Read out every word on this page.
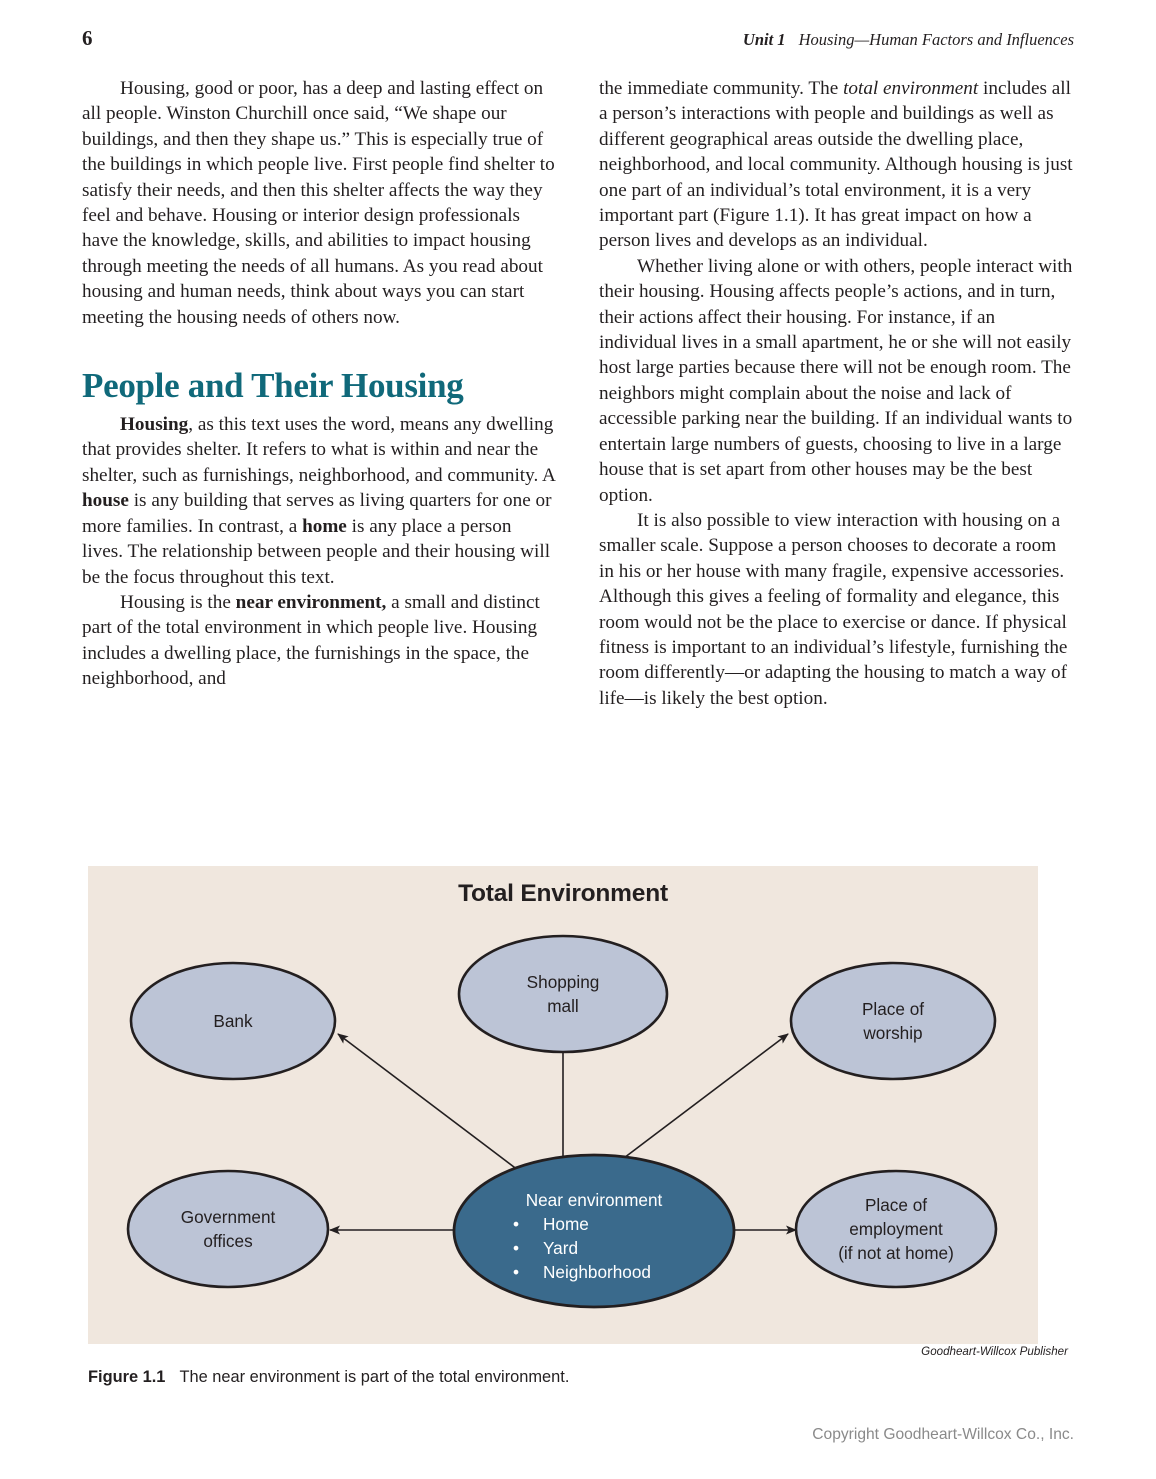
6	Unit 1 Housing—Human Factors and Influences

Housing, good or poor, has a deep and lasting effect on all people. Winston Churchill once said, “We shape our buildings, and then they shape us.” This is especially true of the buildings in which people live. First people find shelter to satisfy their needs, and then this shelter affects the way they feel and behave. Housing or interior design professionals have the knowledge, skills, and abilities to impact housing through meeting the needs of all humans. As you read about housing and human needs, think about ways you can start meeting the housing needs of others now.

People and Their Housing

Housing, as this text uses the word, means any dwelling that provides shelter. It refers to what is within and near the shelter, such as furnishings, neighborhood, and community. A house is any building that serves as living quarters for one or more families. In contrast, a home is any place a person lives. The relationship between people and their housing will be the focus throughout this text.

Housing is the near environment, a small and distinct part of the total environment in which people live. Housing includes a dwelling place, the furnishings in the space, the neighborhood, and

the immediate community. The total environment includes all a person’s interactions with people and buildings as well as different geographical areas outside the dwelling place, neighborhood, and local community. Although housing is just one part of an individual’s total environment, it is a very important part (Figure 1.1). It has great impact on how a person lives and develops as an individual.

Whether living alone or with others, people interact with their housing. Housing affects people’s actions, and in turn, their actions affect their housing. For instance, if an individual lives in a small apartment, he or she will not easily host large parties because there will not be enough room. The neighbors might complain about the noise and lack of accessible parking near the building. If an individual wants to entertain large numbers of guests, choosing to live in a large house that is set apart from other houses may be the best option.

It is also possible to view interaction with housing on a smaller scale. Suppose a person chooses to decorate a room in his or her house with many fragile, expensive accessories. Although this gives a feeling of formality and elegance, this room would not be the place to exercise or dance. If physical fitness is important to an individual’s lifestyle, furnishing the room differently—or adapting the housing to match a way of life—is likely the best option.

Total Environment
Bank
Shopping
mall	Place of
worship
Government
offices
Place of
employment
(if not at home)
Near environment
• Home
• Yard
• Neighborhood
Goodheart-Willcox Publisher
Figure 1.1 The near environment is part of the total environment.
Copyright Goodheart-Willcox Co., Inc.
